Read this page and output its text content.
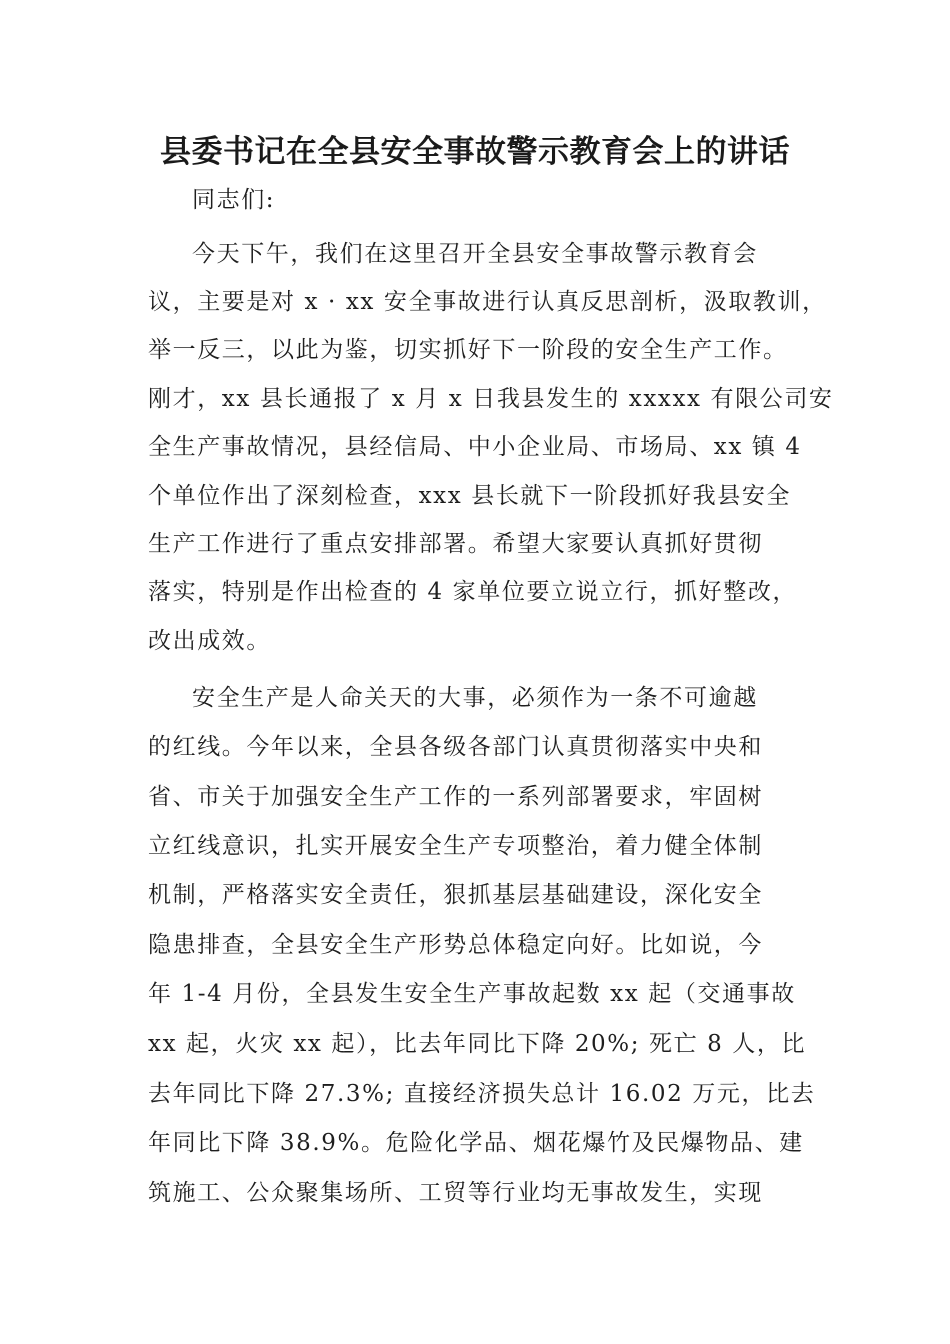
县委书记在全县安全事故警示教育会上的讲话

同志们:

今天下午，我们在这里召开全县安全事故警示教育会

议，主要是对 x · xx 安全事故进行认真反思剖析，汲取教训，

举一反三，以此为鉴，切实抓好下一阶段的安全生产工作。

刚才，xx 县长通报了 x 月 x 日我县发生的 xxxxx 有限公司安

全生产事故情况，县经信局、中小企业局、市场局、xx 镇 4

个单位作出了深刻检查，xxx 县长就下一阶段抓好我县安全

生产工作进行了重点安排部署。希望大家要认真抓好贯彻

落实，特别是作出检查的 4 家单位要立说立行，抓好整改，

改出成效。

安全生产是人命关天的大事，必须作为一条不可逾越

的红线。今年以来，全县各级各部门认真贯彻落实中央和

省、市关于加强安全生产工作的一系列部署要求，牢固树

立红线意识，扎实开展安全生产专项整治，着力健全体制

机制，严格落实安全责任，狠抓基层基础建设，深化安全

隐患排查，全县安全生产形势总体稳定向好。比如说，今

年 1-4 月份，全县发生安全生产事故起数 xx 起（交通事故

xx 起，火灾 xx 起），比去年同比下降 20%; 死亡 8 人，比

去年同比下降 27.3%; 直接经济损失总计 16.02 万元，比去

年同比下降 38.9%。危险化学品、烟花爆竹及民爆物品、建

筑施工、公众聚集场所、工贸等行业均无事故发生，实现
